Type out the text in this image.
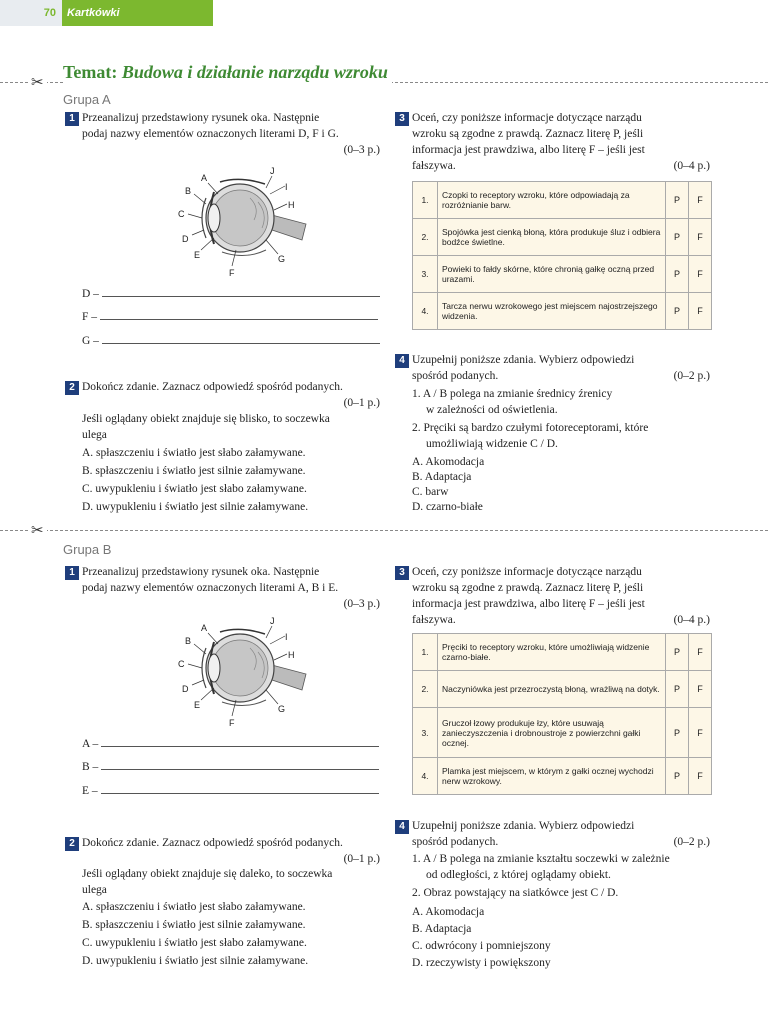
70	Kartkówki
✂ Temat: Budowa i działanie narządu wzroku
Grupa A
1 Przeanalizuj przedstawiony rysunek oka. Następnie
podaj nazwy elementów oznaczonych literami D, F i G.
(0–3 p.)
A
B
C
D
E
F
G
H
I
J
D –
F –
G –
2 Dokończ zdanie. Zaznacz odpowiedź spośród podanych.
(0–1 p.)
Jeśli oglądany obiekt znajduje się blisko, to soczewka
ulega
A. spłaszczeniu i światło jest słabo załamywane.
B. spłaszczeniu i światło jest silnie załamywane.
C. uwypukleniu i światło jest słabo załamywane.
D. uwypukleniu i światło jest silnie załamywane.
3 Oceń, czy poniższe informacje dotyczące narządu
wzroku są zgodne z prawdą. Zaznacz literę P, jeśli
informacja jest prawdziwa, albo literę F – jeśli jest
fałszywa.	(0–4 p.)
1.	Czopki to receptory wzroku, które odpowiadają za rozróżnianie barw.	P	F
2.	Spojówka jest cienką błoną, która produkuje śluz i odbiera bodźce świetlne.	P	F
3.	Powieki to fałdy skórne, które chronią gałkę oczną przed urazami.	P	F
4.	Tarcza nerwu wzrokowego jest miejscem najostrzejszego widzenia.	P	F
4 Uzupełnij poniższe zdania. Wybierz odpowiedzi
spośród podanych.	(0–2 p.)
1. A / B polega na zmianie średnicy źrenicy
w zależności od oświetlenia.
2. Pręciki są bardzo czułymi fotoreceptorami, które
umożliwiają widzenie C / D.
A. Akomodacja
B. Adaptacja
C. barw
D. czarno-białe
✂
Grupa B
1 Przeanalizuj przedstawiony rysunek oka. Następnie
podaj nazwy elementów oznaczonych literami A, B i E.
(0–3 p.)
A
B
C
D
E
F
G
H
I
J
A –
B –
E –
2 Dokończ zdanie. Zaznacz odpowiedź spośród podanych.
(0–1 p.)
Jeśli oglądany obiekt znajduje się daleko, to soczewka
ulega
A. spłaszczeniu i światło jest słabo załamywane.
B. spłaszczeniu i światło jest silnie załamywane.
C. uwypukleniu i światło jest słabo załamywane.
D. uwypukleniu i światło jest silnie załamywane.
3 Oceń, czy poniższe informacje dotyczące narządu
wzroku są zgodne z prawdą. Zaznacz literę P, jeśli
informacja jest prawdziwa, albo literę F – jeśli jest
fałszywa.	(0–4 p.)
1.	Pręciki to receptory wzroku, które umożliwiają widzenie czarno-białe.	P	F
2.	Naczyniówka jest przezroczystą błoną, wrażliwą na dotyk.	P	F
3.	Gruczoł łzowy produkuje łzy, które usuwają zanieczyszczenia i drobnoustroje z powierzchni gałki ocznej.	P	F
4.	Plamka jest miejscem, w którym z gałki ocznej wychodzi nerw wzrokowy.	P	F
4 Uzupełnij poniższe zdania. Wybierz odpowiedzi
spośród podanych.	(0–2 p.)
1. A / B polega na zmianie kształtu soczewki w zależnie
od odległości, z której oglądamy obiekt.
2. Obraz powstający na siatkówce jest C / D.
A. Akomodacja
B. Adaptacja
C. odwrócony i pomniejszony
D. rzeczywisty i powiększony
